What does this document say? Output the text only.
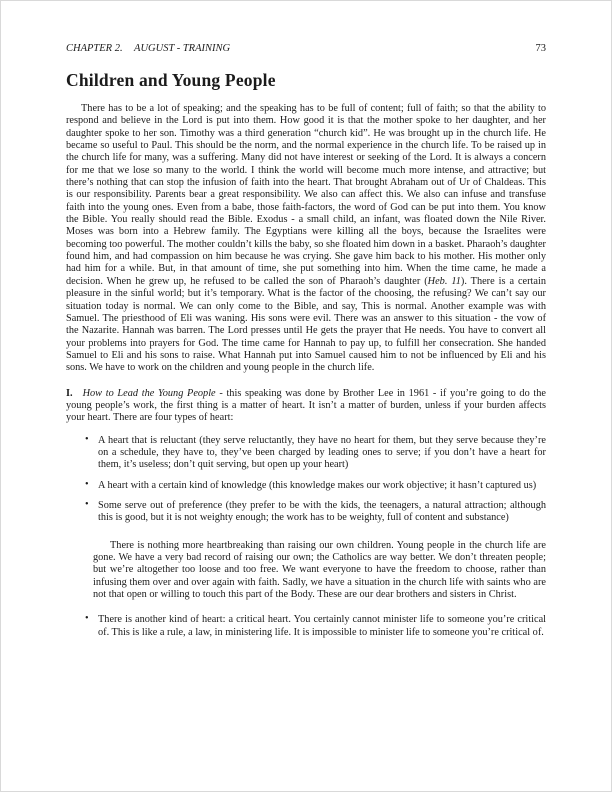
CHAPTER 2. AUGUST - TRAINING	73
Children and Young People

There has to be a lot of speaking; and the speaking has to be full of content; full of faith; so that the ability to respond and believe in the Lord is put into them. How good it is that the mother spoke to her daughter, and her daughter spoke to her son. Timothy was a third generation “church kid”. He was brought up in the church life. He became so useful to Paul. This should be the norm, and the normal experience in the church life. To be raised up in the church life for many, was a suffering. Many did not have interest or seeking of the Lord. It is always a concern for me that we lose so many to the world. I think the world will become much more intense, and attractive; but there’s nothing that can stop the infusion of faith into the heart. That brought Abraham out of Ur of Chaldeas. This is our responsibility. Parents bear a great responsibility. We also can affect this. We also can infuse and transfuse faith into the young ones. Even from a babe, those faith-factors, the word of God can be put into them. You know the Bible. You really should read the Bible. Exodus - a small child, an infant, was floated down the Nile River. Moses was born into a Hebrew family. The Egyptians were killing all the boys, because the Israelites were becoming too powerful. The mother couldn’t kills the baby, so she floated him down in a basket. Pharaoh’s daughter found him, and had compassion on him because he was crying. She gave him back to his mother. His mother only had him for a while. But, in that amount of time, she put something into him. When the time came, he made a decision. When he grew up, he refused to be called the son of Pharaoh’s daughter (Heb. 11). There is a certain pleasure in the sinful world; but it’s temporary. What is the factor of the choosing, the refusing? We can’t say our situation today is normal. We can only come to the Bible, and say, This is normal. Another example was with Samuel. The priesthood of Eli was waning. His sons were evil. There was an answer to this situation - the vow of the Nazarite. Hannah was barren. The Lord presses until He gets the prayer that He needs. You have to convert all your problems into prayers for God. The time came for Hannah to pay up, to fulfill her consecration. She handed Samuel to Eli and his sons to raise. What Hannah put into Samuel caused him to not be influenced by Eli and his sons. We have to work on the children and young people in the church life.

I. How to Lead the Young People - this speaking was done by Brother Lee in 1961 - if you’re going to do the young people’s work, the first thing is a matter of heart. It isn’t a matter of burden, unless if your burden affects your heart. There are four types of heart:

• A heart that is reluctant (they serve reluctantly, they have no heart for them, but they serve because they’re on a schedule, they have to, they’ve been charged by leading ones to serve; if you don’t have a heart for them, it’s useless; don’t quit serving, but open up your heart)
• A heart with a certain kind of knowledge (this knowledge makes our work objective; it hasn’t captured us)
• Some serve out of preference (they prefer to be with the kids, the teenagers, a natural attraction; although this is good, but it is not weighty enough; the work has to be weighty, full of content and substance)

There is nothing more heartbreaking than raising our own children. Young people in the church life are gone. We have a very bad record of raising our own; the Catholics are way better. We don’t threaten people; but we’re altogether too loose and too free. We want everyone to have the freedom to choose, rather than infusing them over and over again with faith. Sadly, we have a situation in the church life with saints who are not that open or willing to touch this part of the Body. These are our dear brothers and sisters in Christ.

• There is another kind of heart: a critical heart. You certainly cannot minister life to someone you’re critical of. This is like a rule, a law, in ministering life. It is impossible to minister life to someone you’re critical of.
